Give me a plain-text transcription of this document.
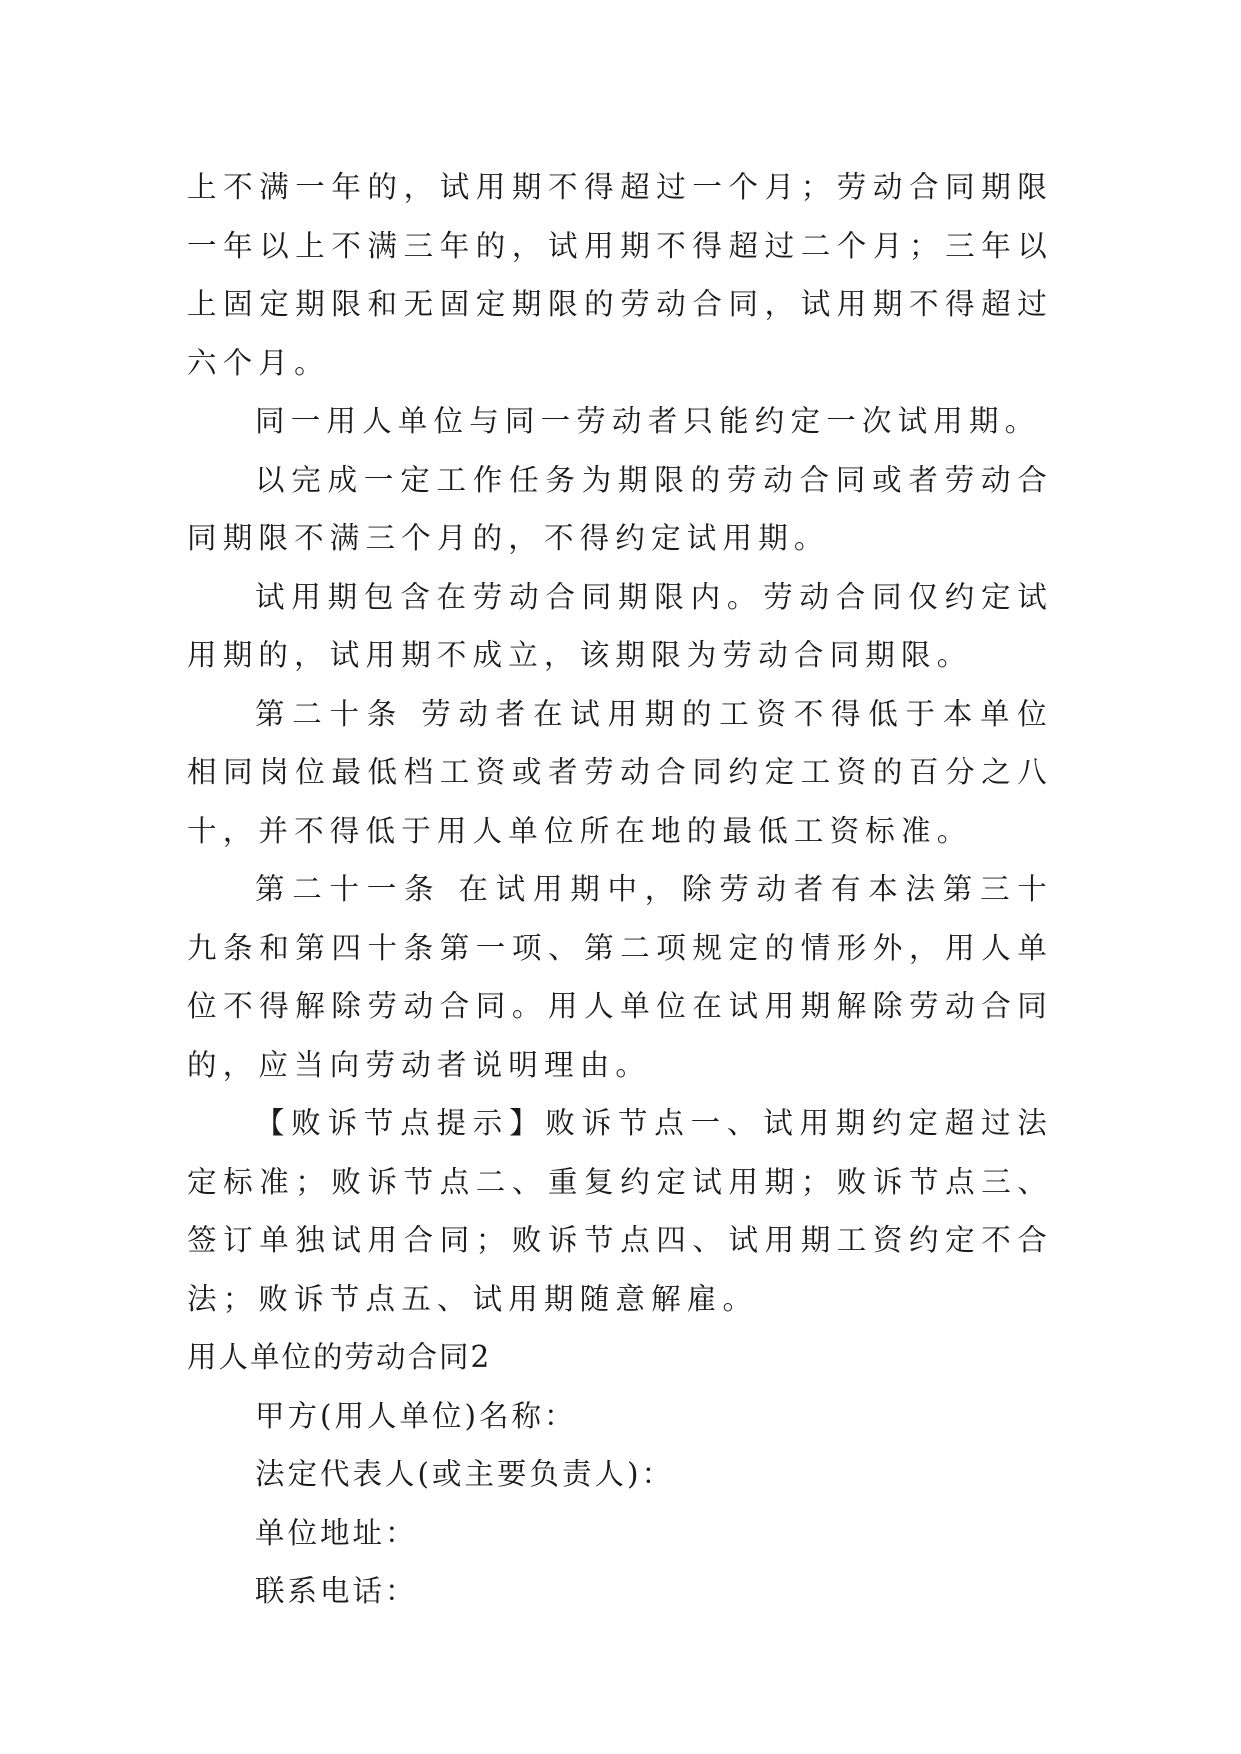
上不满一年的，试用期不得超过一个月；劳动合同期限一年以上不满三年的，试用期不得超过二个月；三年以上固定期限和无固定期限的劳动合同，试用期不得超过六个月。

同一用人单位与同一劳动者只能约定一次试用期。

以完成一定工作任务为期限的劳动合同或者劳动合同期限不满三个月的，不得约定试用期。

试用期包含在劳动合同期限内。劳动合同仅约定试用期的，试用期不成立，该期限为劳动合同期限。

第二十条 劳动者在试用期的工资不得低于本单位相同岗位最低档工资或者劳动合同约定工资的百分之八十，并不得低于用人单位所在地的最低工资标准。

第二十一条 在试用期中，除劳动者有本法第三十九条和第四十条第一项、第二项规定的情形外，用人单位不得解除劳动合同。用人单位在试用期解除劳动合同的，应当向劳动者说明理由。

【败诉节点提示】败诉节点一、试用期约定超过法定标准；败诉节点二、重复约定试用期；败诉节点三、签订单独试用合同；败诉节点四、试用期工资约定不合法；败诉节点五、试用期随意解雇。

用人单位的劳动合同2

甲方(用人单位)名称：

法定代表人(或主要负责人)：

单位地址：

联系电话：
